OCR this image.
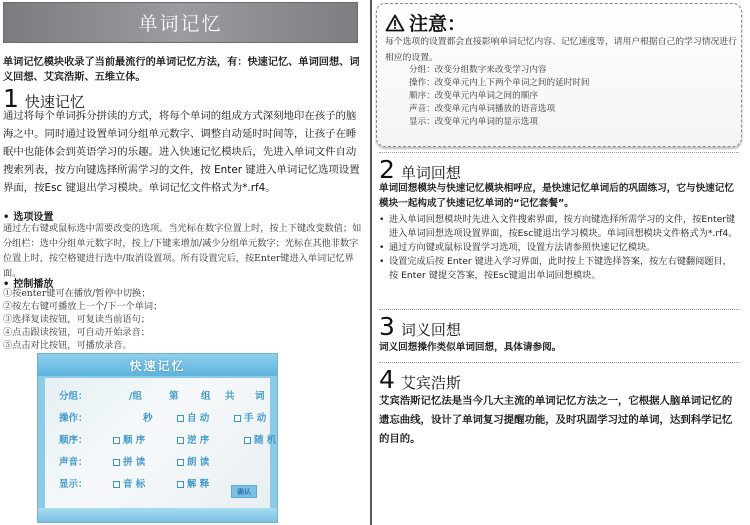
单词记忆
单词记忆模块收录了当前最流行的单词记忆方法，有：快速记忆、单词回想、词义回想、艾宾浩斯、五维立体。
1 快速记忆
通过将每个单词拆分拼读的方式，将每个单词的组成方式深刻地印在孩子的脑海之中。同时通过设置单词分组单元数字、调整自动延时时间等，让孩子在睡眠中也能体会到英语学习的乐趣。进入快速记忆模块后，先进入单词文件自动搜索列表，按方向键选择所需学习的文件，按 Enter 键进入单词记忆选项设置界面，按Esc 键退出学习模块。单词记忆文件格式为*.rf4。
• 选项设置
通过左右键或鼠标选中需要改变的选项。当光标在数字位置上时，按上下键改变数值；如分组栏：选中分组单元数字时，按上/下键来增加/减少分组单元数字；光标在其他非数字位置上时，按空格键进行选中/取消设置项。所有设置完后，按Enter键进入单词记忆界面。
• 控制播放
①按enter键可在播放/暂停中切换；
②按左右键可播放上一个/下一个单词；
③选择复读按钮，可复读当前语句；
④点击跟读按钮，可自动开始录音；
⑤点击对比按钮，可播放录音。
快速记忆
分组：	/组	第 组 共 词
操作：	秒	自 动	手 动
顺序：	顺 序	逆 序	随 机
声音：	拼 读	朗 读
显示：	音 标	解 释
确认
注意：
每个选项的设置都会直接影响单词记忆内容、记忆速度等，请用户根据自己的学习情况进行相应的设置。
分组：改变分组数字来改变学习内容
操作：改变单元内上下两个单词之间的延时时间
顺序：改变单元内单词之间的顺序
声音：改变单元内单词播放的语音选项
显示：改变单元内单词的显示选项
2 单词回想
单词回想模块与快速记忆模块相呼应，是快速记忆单词后的巩固练习，它与快速记忆模块一起构成了快速记忆单词的“记忆套餐”。
• 进入单词回想模块时先进入文件搜索界面，按方向键选择所需学习的文件，按Enter键进入单词回想选项设置界面，按Esc键退出学习模块。单词回想模块文件格式为*.rf4。
• 通过方向键或鼠标设置学习选项，设置方法请参照快速记忆模块。
• 设置完成后按 Enter 键进入学习界面，此时按上下键选择答案，按左右键翻阅题目，按 Enter 键提交答案，按Esc键退出单词回想模块。
3 词义回想
词义回想操作类似单词回想，具体请参阅。
4 艾宾浩斯
艾宾浩斯记忆法是当今几大主流的单词记忆方法之一，它根据人脑单词记忆的遗忘曲线，设计了单词复习提醒功能，及时巩固学习过的单词，达到科学记忆的目的。
